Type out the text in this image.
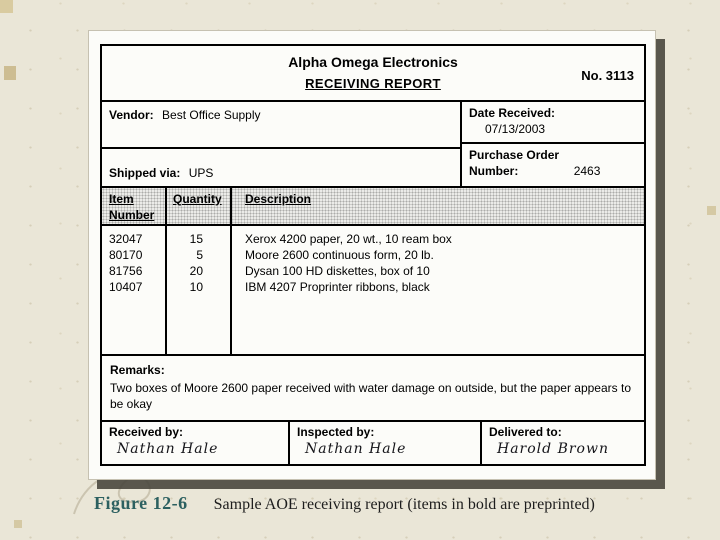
Alpha Omega Electronics
RECEIVING REPORT
No. 3113
Vendor: Best Office Supply
Shipped via: UPS
Date Received:
07/13/2003
Purchase Order
Number:	2463
Item Number
Quantity	Description
32047
80170
81756
10407
15
5
20
10
Xerox 4200 paper, 20 wt., 10 ream box
Moore 2600 continuous form, 20 lb.
Dysan 100 HD diskettes, box of 10
IBM 4207 Proprinter ribbons, black
Remarks:
Two boxes of Moore 2600 paper received with water damage on outside, but the paper appears to be okay
Received by:
Nathan Hale
Inspected by:
Nathan Hale
Delivered to:
Harold Brown
Figure 12-6 Sample AOE receiving report (items in bold are preprinted)
